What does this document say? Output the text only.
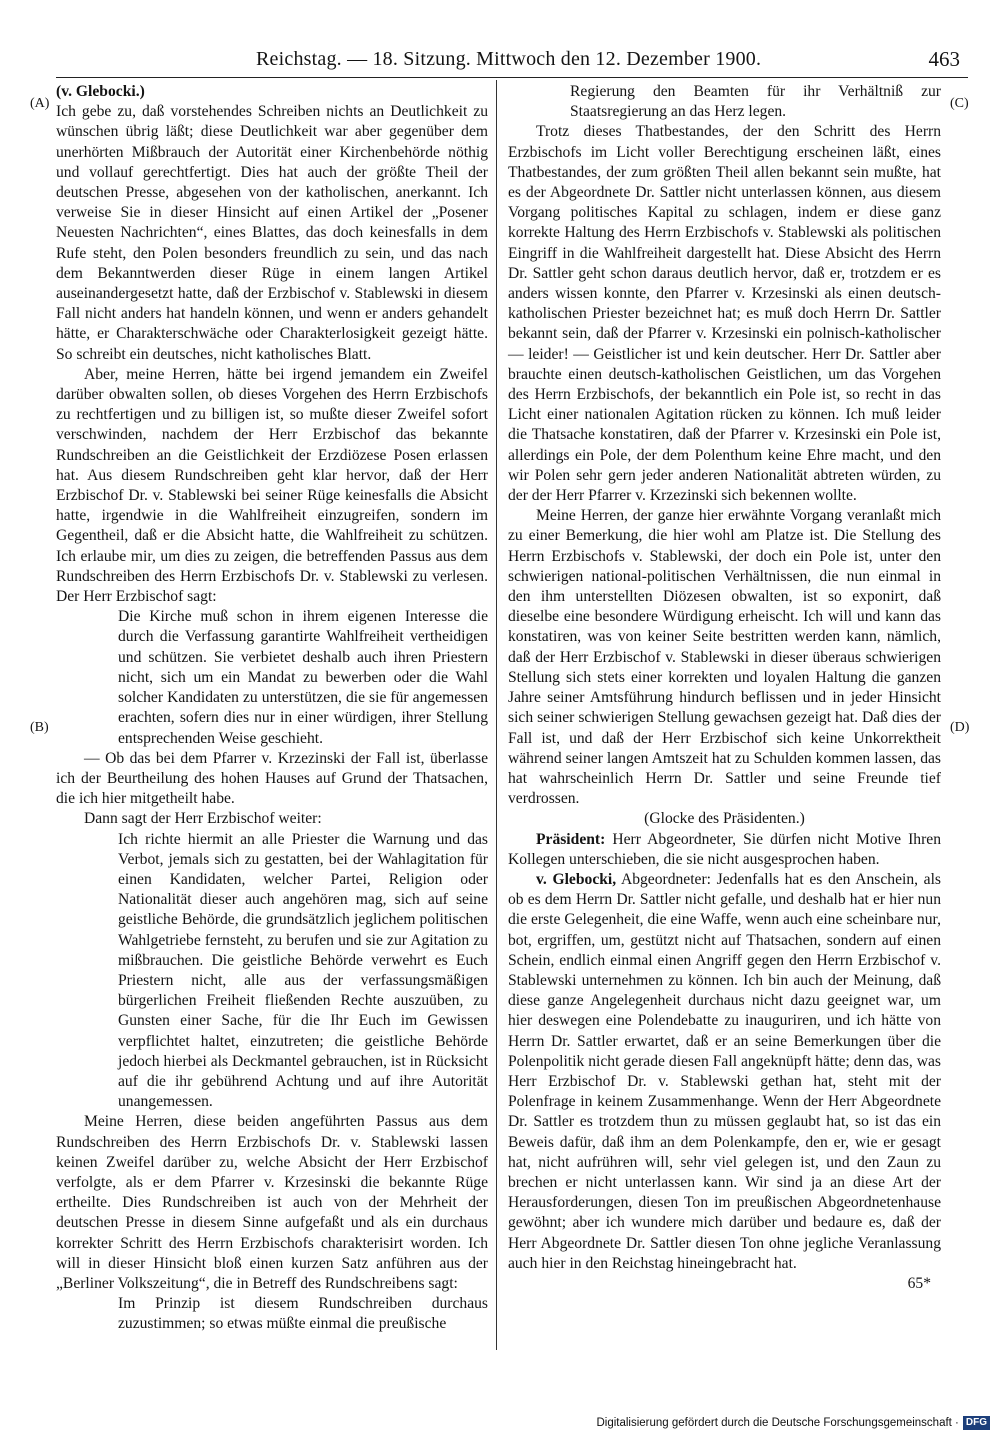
Reichstag. — 18. Sitzung. Mittwoch den 12. Dezember 1900.	463
(A)
(B)
(C)
(D)

(v. Glebocki.)

Ich gebe zu, daß vorstehendes Schreiben nichts an Deutlichkeit zu wünschen übrig läßt; diese Deutlichkeit war aber gegenüber dem unerhörten Mißbrauch der Autorität einer Kirchenbehörde nöthig und vollauf gerechtfertigt. Dies hat auch der größte Theil der deutschen Presse, abgesehen von der katholischen, anerkannt. Ich verweise Sie in dieser Hinsicht auf einen Artikel der „Posener Neuesten Nachrichten“, eines Blattes, das doch keinesfalls in dem Rufe steht, den Polen besonders freundlich zu sein, und das nach dem Bekanntwerden dieser Rüge in einem langen Artikel auseinandergesetzt hatte, daß der Erzbischof v. Stablewski in diesem Fall nicht anders hat handeln können, und wenn er anders gehandelt hätte, er Charakterschwäche oder Charakterlosigkeit gezeigt hätte. So schreibt ein deutsches, nicht katholisches Blatt.

Aber, meine Herren, hätte bei irgend jemandem ein Zweifel darüber obwalten sollen, ob dieses Vorgehen des Herrn Erzbischofs zu rechtfertigen und zu billigen ist, so mußte dieser Zweifel sofort verschwinden, nachdem der Herr Erzbischof das bekannte Rundschreiben an die Geistlichkeit der Erzdiözese Posen erlassen hat. Aus diesem Rundschreiben geht klar hervor, daß der Herr Erzbischof Dr. v. Stablewski bei seiner Rüge keinesfalls die Absicht hatte, irgendwie in die Wahlfreiheit einzugreifen, sondern im Gegentheil, daß er die Absicht hatte, die Wahlfreiheit zu schützen. Ich erlaube mir, um dies zu zeigen, die betreffenden Passus aus dem Rundschreiben des Herrn Erzbischofs Dr. v. Stablewski zu verlesen. Der Herr Erzbischof sagt:

Die Kirche muß schon in ihrem eigenen Interesse die durch die Verfassung garantirte Wahlfreiheit vertheidigen und schützen. Sie verbietet deshalb auch ihren Priestern nicht, sich um ein Mandat zu bewerben oder die Wahl solcher Kandidaten zu unterstützen, die sie für angemessen erachten, sofern dies nur in einer würdigen, ihrer Stellung entsprechenden Weise geschieht.

— Ob das bei dem Pfarrer v. Krzezinski der Fall ist, überlasse ich der Beurtheilung des hohen Hauses auf Grund der Thatsachen, die ich hier mitgetheilt habe.

Dann sagt der Herr Erzbischof weiter:

Ich richte hiermit an alle Priester die Warnung und das Verbot, jemals sich zu gestatten, bei der Wahlagitation für einen Kandidaten, welcher Partei, Religion oder Nationalität dieser auch angehören mag, sich auf seine geistliche Behörde, die grundsätzlich jeglichem politischen Wahlgetriebe fernsteht, zu berufen und sie zur Agitation zu mißbrauchen. Die geistliche Behörde verwehrt es Euch Priestern nicht, alle aus der verfassungsmäßigen bürgerlichen Freiheit fließenden Rechte auszuüben, zu Gunsten einer Sache, für die Ihr Euch im Gewissen verpflichtet haltet, einzutreten; die geistliche Behörde jedoch hierbei als Deckmantel gebrauchen, ist in Rücksicht auf die ihr gebührend Achtung und auf ihre Autorität unangemessen.

Meine Herren, diese beiden angeführten Passus aus dem Rundschreiben des Herrn Erzbischofs Dr. v. Stablewski lassen keinen Zweifel darüber zu, welche Absicht der Herr Erzbischof verfolgte, als er dem Pfarrer v. Krzesinski die bekannte Rüge ertheilte. Dies Rundschreiben ist auch von der Mehrheit der deutschen Presse in diesem Sinne aufgefaßt und als ein durchaus korrekter Schritt des Herrn Erzbischofs charakterisirt worden. Ich will in dieser Hinsicht bloß einen kurzen Satz anführen aus der „Berliner Volkszeitung“, die in Betreff des Rundschreibens sagt:

Im Prinzip ist diesem Rundschreiben durchaus zuzustimmen; so etwas müßte einmal die preußische

Regierung den Beamten für ihr Verhältniß zur Staatsregierung an das Herz legen.

Trotz dieses Thatbestandes, der den Schritt des Herrn Erzbischofs im Licht voller Berechtigung erscheinen läßt, eines Thatbestandes, der zum größten Theil allen bekannt sein mußte, hat es der Abgeordnete Dr. Sattler nicht unterlassen können, aus diesem Vorgang politisches Kapital zu schlagen, indem er diese ganz korrekte Haltung des Herrn Erzbischofs v. Stablewski als politischen Eingriff in die Wahlfreiheit dargestellt hat. Diese Absicht des Herrn Dr. Sattler geht schon daraus deutlich hervor, daß er, trotzdem er es anders wissen konnte, den Pfarrer v. Krzesinski als einen deutsch-katholischen Priester bezeichnet hat; es muß doch Herrn Dr. Sattler bekannt sein, daß der Pfarrer v. Krzesinski ein polnisch-katholischer — leider! — Geistlicher ist und kein deutscher. Herr Dr. Sattler aber brauchte einen deutsch-katholischen Geistlichen, um das Vorgehen des Herrn Erzbischofs, der bekanntlich ein Pole ist, so recht in das Licht einer nationalen Agitation rücken zu können. Ich muß leider die Thatsache konstatiren, daß der Pfarrer v. Krzesinski ein Pole ist, allerdings ein Pole, der dem Polenthum keine Ehre macht, und den wir Polen sehr gern jeder anderen Nationalität abtreten würden, zu der der Herr Pfarrer v. Krzezinski sich bekennen wollte.

Meine Herren, der ganze hier erwähnte Vorgang veranlaßt mich zu einer Bemerkung, die hier wohl am Platze ist. Die Stellung des Herrn Erzbischofs v. Stablewski, der doch ein Pole ist, unter den schwierigen national-politischen Verhältnissen, die nun einmal in den ihm unterstellten Diözesen obwalten, ist so exponirt, daß dieselbe eine besondere Würdigung erheischt. Ich will und kann das konstatiren, was von keiner Seite bestritten werden kann, nämlich, daß der Herr Erzbischof v. Stablewski in dieser überaus schwierigen Stellung sich stets einer korrekten und loyalen Haltung die ganzen Jahre seiner Amtsführung hindurch beflissen und in jeder Hinsicht sich seiner schwierigen Stellung gewachsen gezeigt hat. Daß dies der Fall ist, und daß der Herr Erzbischof sich keine Unkorrektheit während seiner langen Amtszeit hat zu Schulden kommen lassen, das hat wahrscheinlich Herrn Dr. Sattler und seine Freunde tief verdrossen.

(Glocke des Präsidenten.)

Präsident: Herr Abgeordneter, Sie dürfen nicht Motive Ihren Kollegen unterschieben, die sie nicht ausgesprochen haben.

v. Glebocki, Abgeordneter: Jedenfalls hat es den Anschein, als ob es dem Herrn Dr. Sattler nicht gefalle, und deshalb hat er hier nun die erste Gelegenheit, die eine Waffe, wenn auch eine scheinbare nur, bot, ergriffen, um, gestützt nicht auf Thatsachen, sondern auf einen Schein, endlich einmal einen Angriff gegen den Herrn Erzbischof v. Stablewski unternehmen zu können. Ich bin auch der Meinung, daß diese ganze Angelegenheit durchaus nicht dazu geeignet war, um hier deswegen eine Polendebatte zu inauguriren, und ich hätte von Herrn Dr. Sattler erwartet, daß er an seine Bemerkungen über die Polenpolitik nicht gerade diesen Fall angeknüpft hätte; denn das, was Herr Erzbischof Dr. v. Stablewski gethan hat, steht mit der Polenfrage in keinem Zusammenhange. Wenn der Herr Abgeordnete Dr. Sattler es trotzdem thun zu müssen geglaubt hat, so ist das ein Beweis dafür, daß ihm an dem Polenkampfe, den er, wie er gesagt hat, nicht aufrühren will, sehr viel gelegen ist, und den Zaun zu brechen er nicht unterlassen kann. Wir sind ja an diese Art der Herausforderungen, diesen Ton im preußischen Abgeordnetenhause gewöhnt; aber ich wundere mich darüber und bedaure es, daß der Herr Abgeordnete Dr. Sattler diesen Ton ohne jegliche Veranlassung auch hier in den Reichstag hineingebracht hat.

65*

Digitalisierung gefördert durch die Deutsche Forschungsgemeinschaft · DFG
